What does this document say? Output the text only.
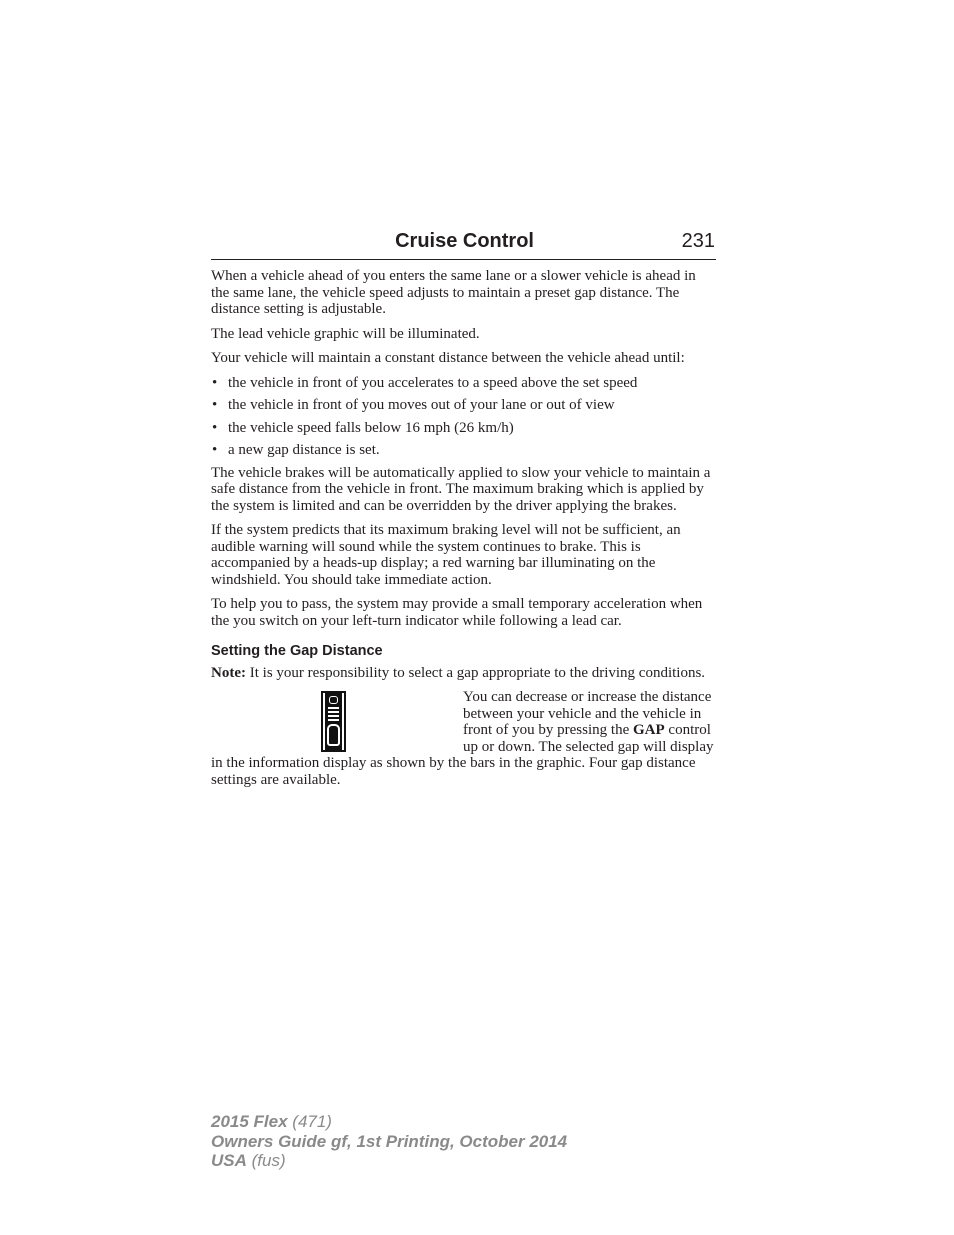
Cruise Control	231

When a vehicle ahead of you enters the same lane or a slower vehicle is ahead in the same lane, the vehicle speed adjusts to maintain a preset gap distance. The distance setting is adjustable.

The lead vehicle graphic will be illuminated.

Your vehicle will maintain a constant distance between the vehicle ahead until:

• the vehicle in front of you accelerates to a speed above the set speed
• the vehicle in front of you moves out of your lane or out of view
• the vehicle speed falls below 16 mph (26 km/h)
• a new gap distance is set.

The vehicle brakes will be automatically applied to slow your vehicle to maintain a safe distance from the vehicle in front. The maximum braking which is applied by the system is limited and can be overridden by the driver applying the brakes.

If the system predicts that its maximum braking level will not be sufficient, an audible warning will sound while the system continues to brake. This is accompanied by a heads-up display; a red warning bar illuminating on the windshield. You should take immediate action.

To help you to pass, the system may provide a small temporary acceleration when the you switch on your left-turn indicator while following a lead car.

Setting the Gap Distance

Note: It is your responsibility to select a gap appropriate to the driving conditions.

You can decrease or increase the distance between your vehicle and the vehicle in front of you by pressing the GAP control up or down. The selected gap will display in the information display as shown by the bars in the graphic. Four gap distance settings are available.
2015 Flex (471)
Owners Guide gf, 1st Printing, October 2014
USA (fus)
